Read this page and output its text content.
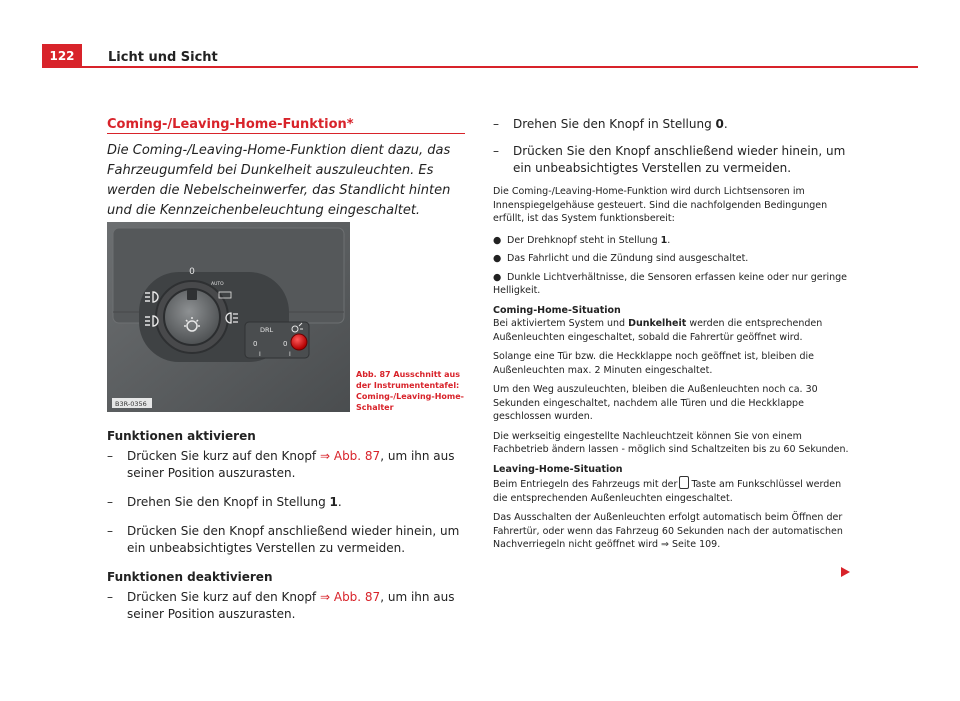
122	Licht und Sicht
Coming-/Leaving-Home-Funktion*
Die Coming-/Leaving-Home-Funktion dient dazu, das Fahrzeugumfeld bei Dunkelheit auszuleuchten. Es werden die Nebelscheinwerfer, das Standlicht hinten und die Kennzeichenbeleuchtung eingeschaltet.
0
AUTO
DRL
0
I
0
I
B3R-0356
Abb. 87 Ausschnitt aus der Instrumententafel: Coming-/Leaving-Home-Schalter
Funktionen aktivieren
–	Drücken Sie kurz auf den Knopf ⇒ Abb. 87, um ihn aus seiner Position auszurasten.
–	Drehen Sie den Knopf in Stellung 1.
–	Drücken Sie den Knopf anschließend wieder hinein, um ein unbeabsichtigtes Verstellen zu vermeiden.
Funktionen deaktivieren
–	Drücken Sie kurz auf den Knopf ⇒ Abb. 87, um ihn aus seiner Position auszurasten.
–	Drehen Sie den Knopf in Stellung 0.
–	Drücken Sie den Knopf anschließend wieder hinein, um ein unbeabsichtigtes Verstellen zu vermeiden.
Die Coming-/Leaving-Home-Funktion wird durch Lichtsensoren im Innenspiegelgehäuse gesteuert. Sind die nachfolgenden Bedingungen erfüllt, ist das System funktionsbereit:
● Der Drehknopf steht in Stellung 1.
● Das Fahrlicht und die Zündung sind ausgeschaltet.
● Dunkle Lichtverhältnisse, die Sensoren erfassen keine oder nur geringe Helligkeit.
Coming-Home-Situation
Bei aktiviertem System und Dunkelheit werden die entsprechenden Außenleuchten eingeschaltet, sobald die Fahrertür geöffnet wird.
Solange eine Tür bzw. die Heckklappe noch geöffnet ist, bleiben die Außenleuchten max. 2 Minuten eingeschaltet.
Um den Weg auszuleuchten, bleiben die Außenleuchten noch ca. 30 Sekunden eingeschaltet, nachdem alle Türen und die Heckklappe geschlossen wurden.
Die werkseitig eingestellte Nachleuchtzeit können Sie von einem Fachbetrieb ändern lassen - möglich sind Schaltzeiten bis zu 60 Sekunden.
Leaving-Home-Situation
Beim Entriegeln des Fahrzeugs mit der Taste am Funkschlüssel werden die entsprechenden Außenleuchten eingeschaltet.
Das Ausschalten der Außenleuchten erfolgt automatisch beim Öffnen der Fahrertür, oder wenn das Fahrzeug 60 Sekunden nach der automatischen Nachverriegeln nicht geöffnet wird ⇒ Seite 109.
